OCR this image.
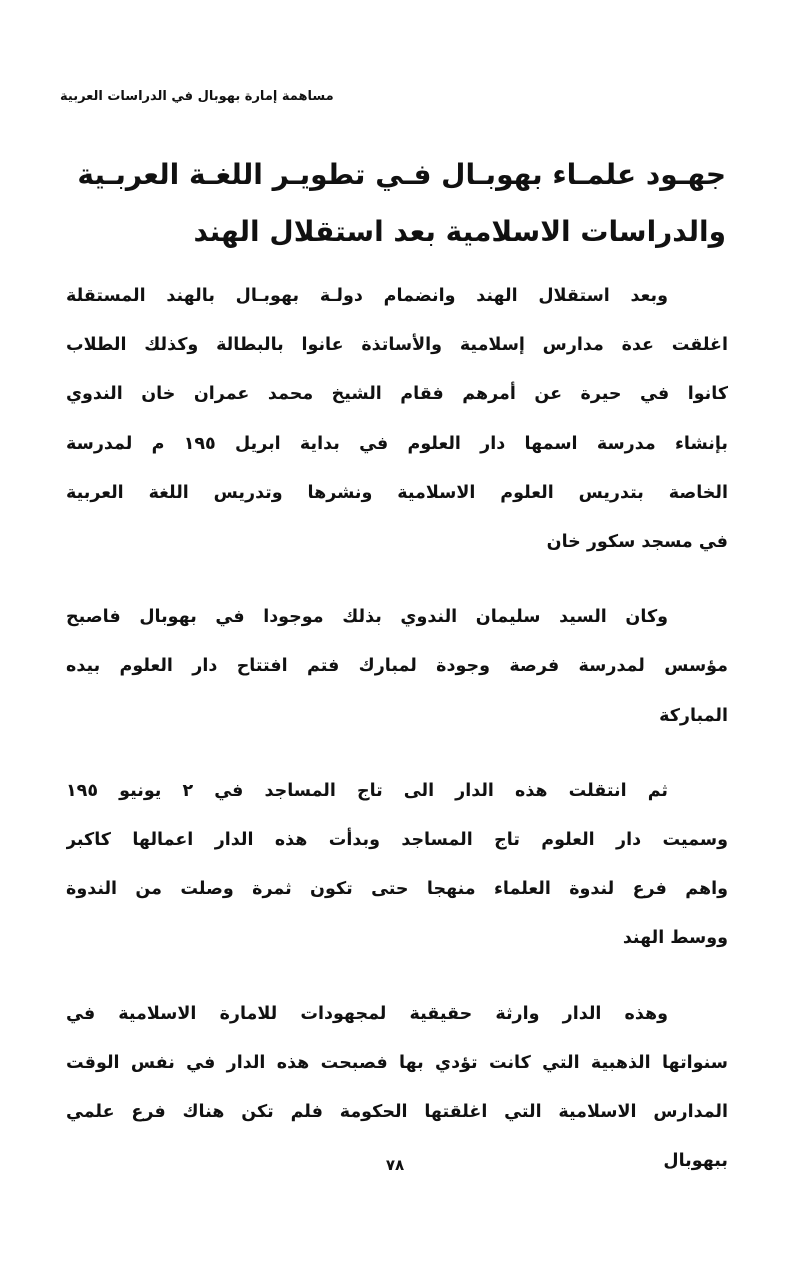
مساهمة إمارة بهوبال في الدراسات العربية
جهـود علمـاء بهوبـال فـي تطويـر اللغـة العربـية
والدراسات الاسلامية بعد استقلال الهند

وبعد استقلال الهند وانضمام دولـة بهوبـال بالهند المستقلة
اغلقت عدة مدارس إسلامية والأساتذة عانوا بالبطالة وكذلك الطلاب
كانوا في حيرة عن أمرهم فقام الشيخ محمد عمران خان الندوي
بإنشاء مدرسة اسمها دار العلوم في بداية ابريل ١٩٥ م لمدرسة
الخاصة بتدريس العلوم الاسلامية ونشرها وتدريس اللغة العربية
في مسجد سكور خان

وكان السيد سليمان الندوي بذلك موجودا في بهوبال فاصبح
مؤسس لمدرسة فرصة وجودة لمبارك فتم افتتاح دار العلوم بيده
المباركة

ثم انتقلت هذه الدار الى تاج المساجد في ٢ يونيو ١٩٥
وسميت دار العلوم تاج المساجد وبدأت هذه الدار اعمالها كاكبر
واهم فرع لندوة العلماء منهجا حتى تكون ثمرة وصلت من الندوة
ووسط الهند

وهذه الدار وارثة حقيقية لمجهودات للامارة الاسلامية في
سنواتها الذهبية التي كانت تؤدي بها فصبحت هذه الدار في نفس الوقت
المدارس الاسلامية التي اغلقتها الحكومة فلم تكن هناك فرع علمي
ببهوبال

٧٨
